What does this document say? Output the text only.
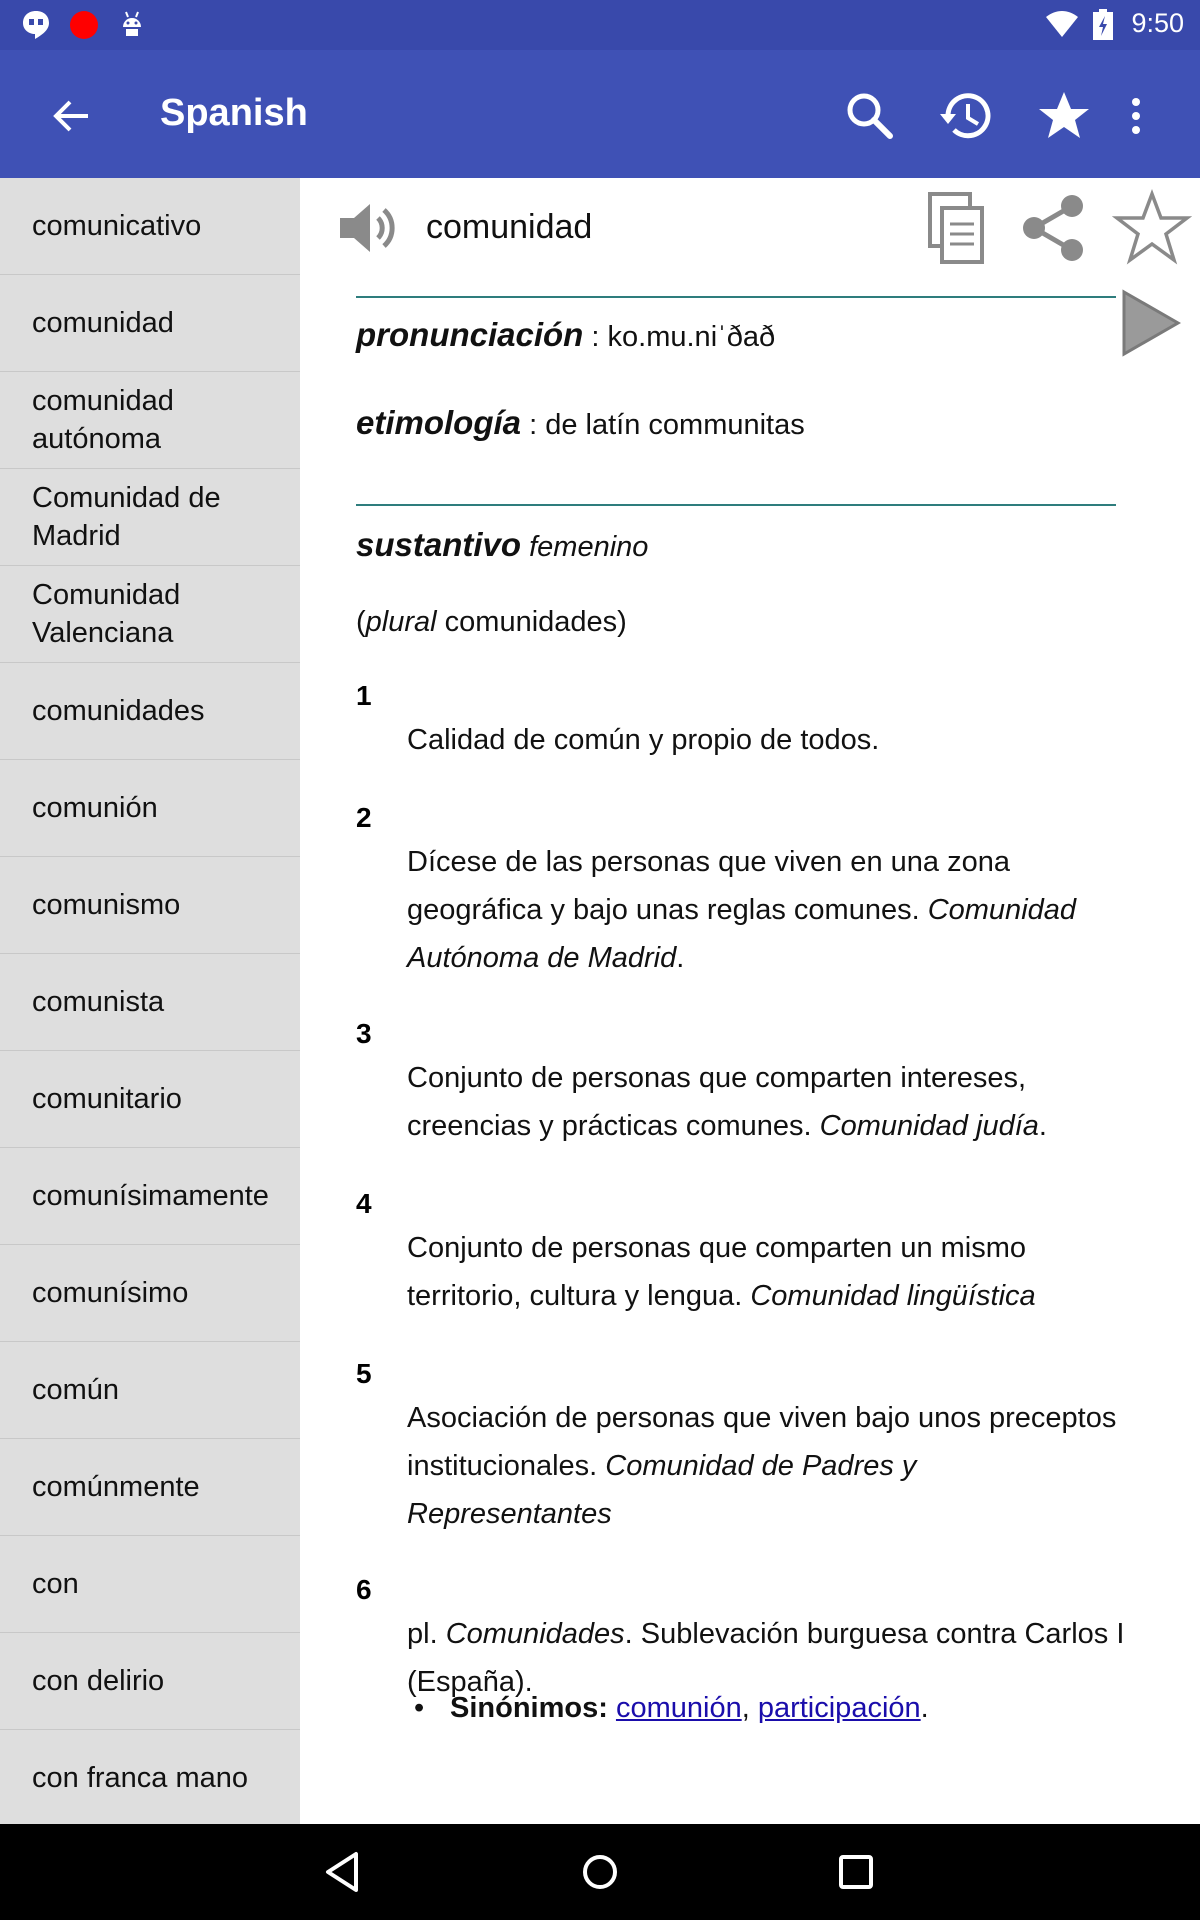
9:50
Spanish
comunicativo
comunidad
comunidad autónoma
Comunidad de Madrid
Comunidad Valenciana
comunidades
comunión
comunismo
comunista
comunitario
comunísimamente
comunísimo
común
comúnmente
con
con delirio
con franca mano
comunidad
pronunciación : ko.mu.niˈðað
etimología : de latín communitas
sustantivo femenino
(plural comunidades)
1
Calidad de común y propio de todos.
2
Dícese de las personas que viven en una zona geográfica y bajo unas reglas comunes. Comunidad Autónoma de Madrid.
3
Conjunto de personas que comparten intereses, creencias y prácticas comunes. Comunidad judía.
4
Conjunto de personas que comparten un mismo territorio, cultura y lengua. Comunidad lingüística
5
Asociación de personas que viven bajo unos preceptos institucionales. Comunidad de Padres y Representantes
6
pl. Comunidades. Sublevación burguesa contra Carlos I (España).
• Sinónimos: comunión, participación.
